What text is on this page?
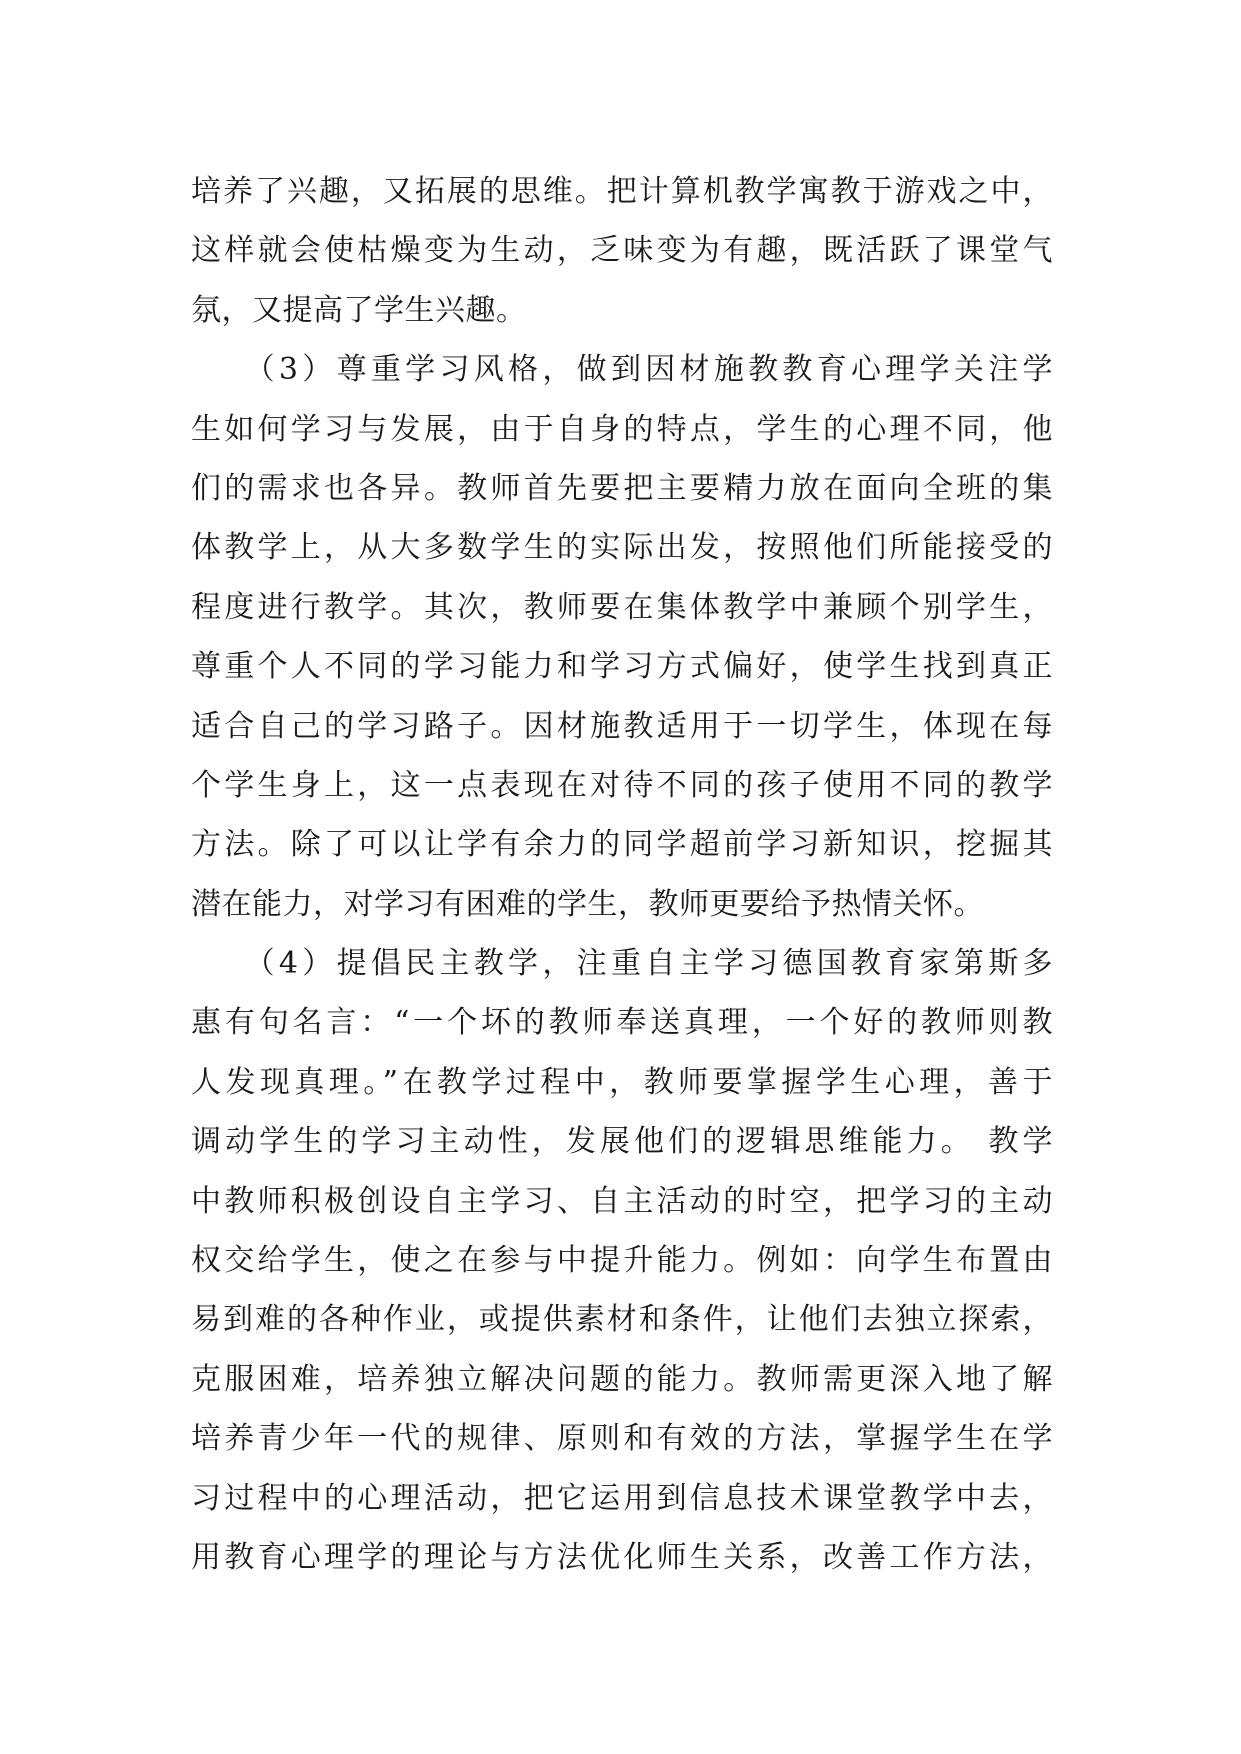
培养了兴趣，又拓展的思维。把计算机教学寓教于游戏之中，
这样就会使枯燥变为生动，乏味变为有趣，既活跃了课堂气
氛，又提高了学生兴趣。
　　（3）尊重学习风格，做到因材施教教育心理学关注学
生如何学习与发展，由于自身的特点，学生的心理不同，他
们的需求也各异。教师首先要把主要精力放在面向全班的集
体教学上，从大多数学生的实际出发，按照他们所能接受的
程度进行教学。其次，教师要在集体教学中兼顾个别学生，
尊重个人不同的学习能力和学习方式偏好，使学生找到真正
适合自己的学习路子。因材施教适用于一切学生，体现在每
个学生身上，这一点表现在对待不同的孩子使用不同的教学
方法。除了可以让学有余力的同学超前学习新知识，挖掘其
潜在能力，对学习有困难的学生，教师更要给予热情关怀。
　　（4）提倡民主教学，注重自主学习德国教育家第斯多
惠有句名言：“一个坏的教师奉送真理，一个好的教师则教
人发现真理。”在教学过程中，教师要掌握学生心理，善于
调动学生的学习主动性，发展他们的逻辑思维能力。 教学
中教师积极创设自主学习、自主活动的时空，把学习的主动
权交给学生，使之在参与中提升能力。例如：向学生布置由
易到难的各种作业，或提供素材和条件，让他们去独立探索，
克服困难，培养独立解决问题的能力。教师需更深入地了解
培养青少年一代的规律、原则和有效的方法，掌握学生在学
习过程中的心理活动，把它运用到信息技术课堂教学中去，
用教育心理学的理论与方法优化师生关系，改善工作方法，
